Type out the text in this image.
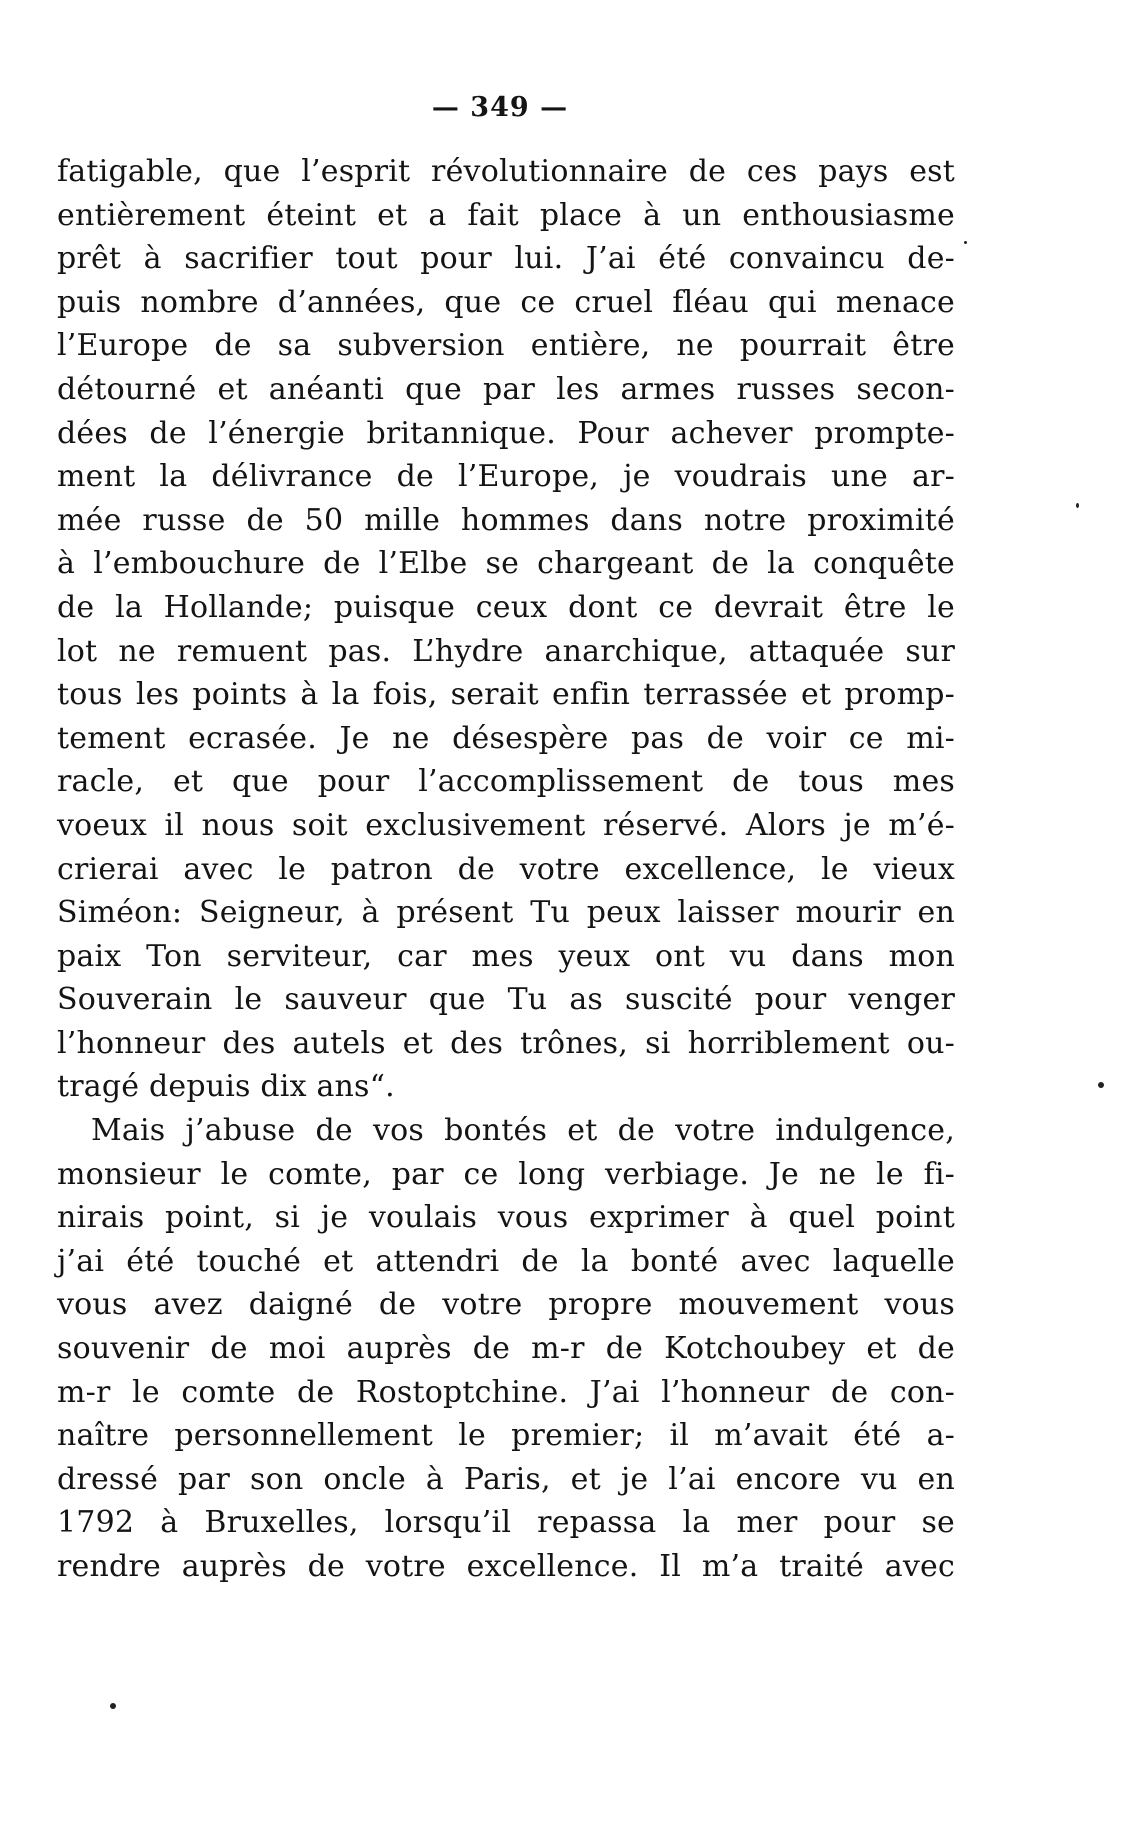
— 349 —
fatigable, que l’esprit révolutionnaire de ces pays est
entièrement éteint et a fait place à un enthousiasme
prêt à sacrifier tout pour lui. J’ai été convaincu de-
puis nombre d’années, que ce cruel fléau qui menace
l’Europe de sa subversion entière, ne pourrait être
détourné et anéanti que par les armes russes secon-
dées de l’énergie britannique. Pour achever prompte-
ment la délivrance de l’Europe, je voudrais une ar-
mée russe de 50 mille hommes dans notre proximité
à l’embouchure de l’Elbe se chargeant de la conquête
de la Hollande; puisque ceux dont ce devrait être le
lot ne remuent pas. L’hydre anarchique, attaquée sur
tous les points à la fois, serait enfin terrassée et promp-
tement ecrasée. Je ne désespère pas de voir ce mi-
racle, et que pour l’accomplissement de tous mes
voeux il nous soit exclusivement réservé. Alors je m’é-
crierai avec le patron de votre excellence, le vieux
Siméon: Seigneur, à présent Tu peux laisser mourir en
paix Ton serviteur, car mes yeux ont vu dans mon
Souverain le sauveur que Tu as suscité pour venger
l’honneur des autels et des trônes, si horriblement ou-
tragé depuis dix ans“.
Mais j’abuse de vos bontés et de votre indulgence,
monsieur le comte, par ce long verbiage. Je ne le fi-
nirais point, si je voulais vous exprimer à quel point
j’ai été touché et attendri de la bonté avec laquelle
vous avez daigné de votre propre mouvement vous
souvenir de moi auprès de m-r de Kotchoubey et de
m-r le comte de Rostoptchine. J’ai l’honneur de con-
naître personnellement le premier; il m’avait été a-
dressé par son oncle à Paris, et je l’ai encore vu en
1792 à Bruxelles, lorsqu’il repassa la mer pour se
rendre auprès de votre excellence. Il m’a traité avec
